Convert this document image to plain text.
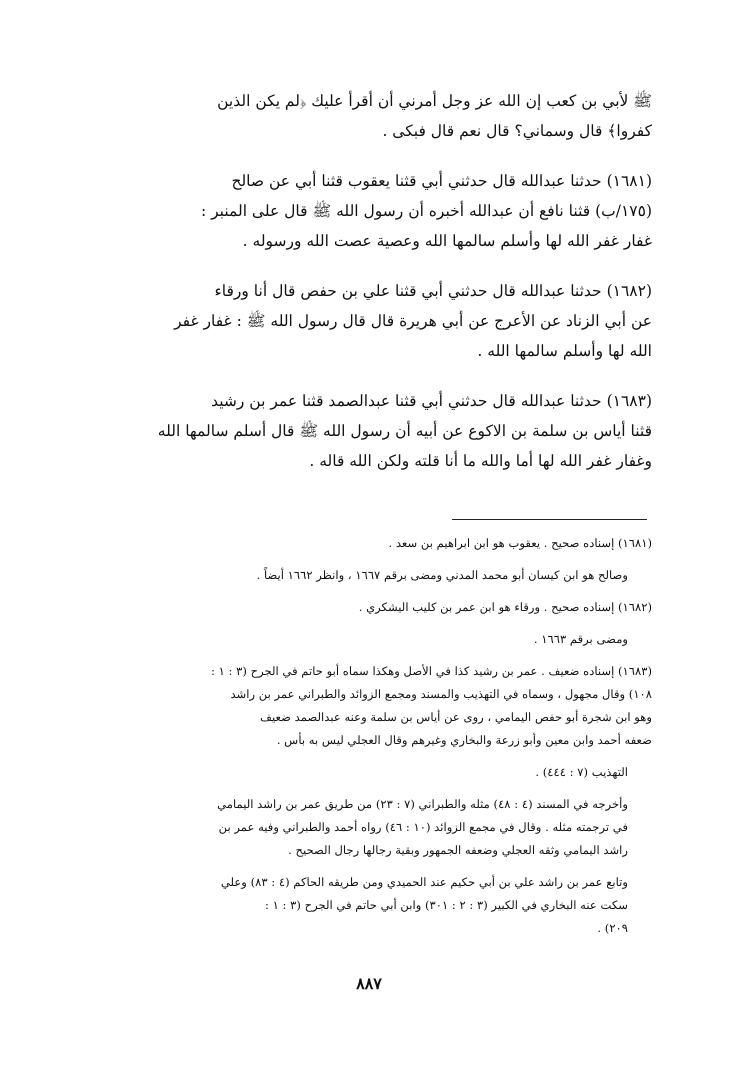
ﷺ لأبي بن كعب إن الله عز وجل أمرني أن أقرأ عليك ﴿لم يكن الذين
كفروا﴾ قال وسماني؟ قال نعم قال فبكى .

(١٦٨١) حدثنا عبدالله قال حدثني أبي قثنا يعقوب قثنا أبي عن صالح
(١٧٥/ب) قثنا نافع أن عبدالله أخبره أن رسول الله ﷺ قال على المنبر :
غفار غفر الله لها وأسلم سالمها الله وعصية عصت الله ورسوله .

(١٦٨٢) حدثنا عبدالله قال حدثني أبي قثنا علي بن حفص قال أنا ورقاء
عن أبي الزناد عن الأعرج عن أبي هريرة قال قال رسول الله ﷺ : غفار غفر
الله لها وأسلم سالمها الله .

(١٦٨٣) حدثنا عبدالله قال حدثني أبي قثنا عبدالصمد قثنا عمر بن رشيد
قثنا أياس بن سلمة بن الاكوع عن أبيه أن رسول الله ﷺ قال أسلم سالمها الله
وغفار غفر الله لها أما والله ما أنا قلته ولكن الله قاله .

(١٦٨١) إسناده صحيح . يعقوب هو ابن ابراهيم بن سعد .

وصالح هو ابن كيسان أبو محمد المدني ومضى برقم ١٦٦٧ ، وانظر ١٦٦٢ أيضاً .

(١٦٨٢) إسناده صحيح . ورقاء هو ابن عمر بن كليب اليشكري .

ومضى برقم ١٦٦٣ .

(١٦٨٣) إسناده ضعيف . عمر بن رشيد كذا في الأصل وهكذا سماه أبو حاتم في الجرح (٣ : ١ :
١٠٨) وقال مجهول ، وسماه في التهذيب والمسند ومجمع الزوائد والطبراني عمر بن راشد
وهو ابن شجرة أبو حفص اليمامي ، روى عن أياس بن سلمة وعنه عبدالصمد ضعيف
ضعفه أحمد وابن معين وأبو زرعة والبخاري وغيرهم وقال العجلي ليس به بأس .

التهذيب (٧ : ٤٤٤) .

وأخرجه في المسند (٤ : ٤٨) مثله والطبراني (٧ : ٢٣) من طريق عمر بن راشد اليمامي
في ترجمته مثله . وقال في مجمع الزوائد (١٠ : ٤٦) رواه أحمد والطبراني وفيه عمر بن
راشد اليمامي وثقه العجلي وضعفه الجمهور وبقية رجالها رجال الصحيح .

وتابع عمر بن راشد علي بن أبي حكيم عند الحميدي ومن طريقه الحاكم (٤ : ٨٣) وعلي
سكت عنه البخاري في الكبير (٣ : ٢ : ٣٠١) وابن أبي حاتم في الجرح (٣ : ١ :
٢٠٩) .

٨٨٧
